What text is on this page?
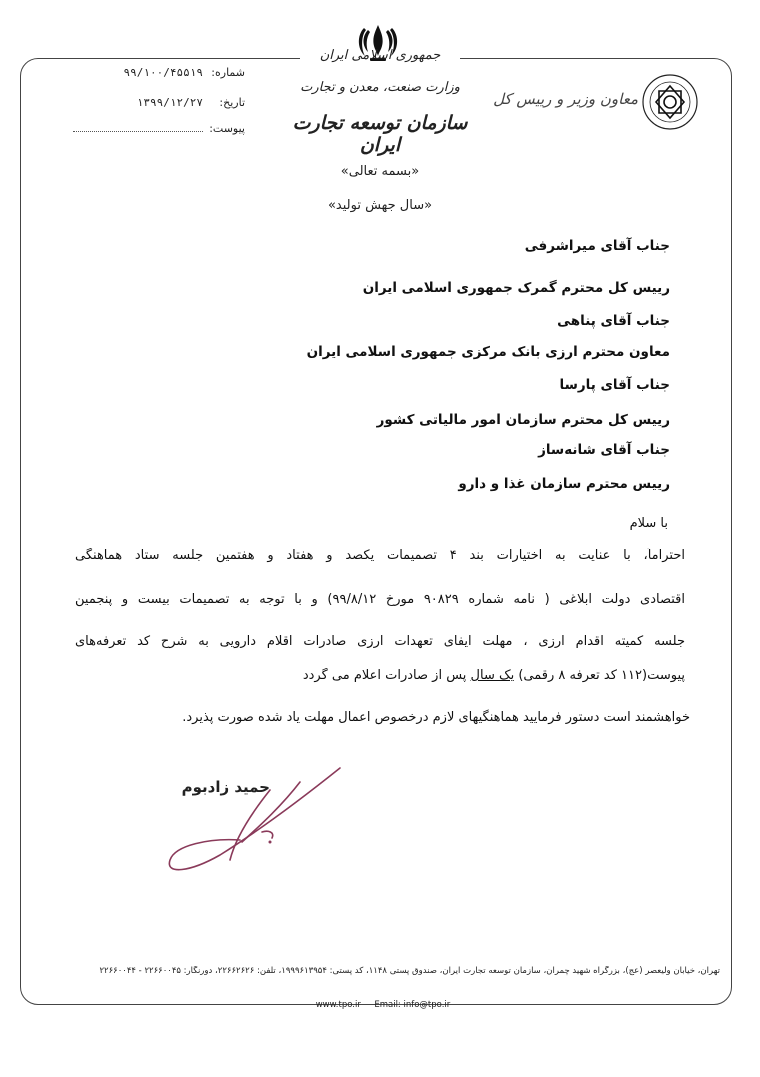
جمهوری اسلامی ایران
وزارت صنعت، معدن و تجارت
سازمان توسعه تجارت ایران
شماره:
۹۹/۱۰۰/۴۵۵۱۹
تاریخ:
۱۳۹۹/۱۲/۲۷
پیوست:
معاون وزیر و رییس کل
«بسمه تعالی»
«سال جهش تولید»
جناب آقای میراشرفی
رییس کل محترم گمرک جمهوری اسلامی ایران
جناب آقای پناهی
معاون محترم ارزی بانک مرکزی جمهوری اسلامی ایران
جناب آقای پارسا
رییس کل محترم سازمان امور مالیاتی کشور
جناب آقای شانه‌ساز
رییس محترم سازمان غذا و دارو
با سلام
احتراماً، با عنایت به اختیارات بند ۴ تصمیمات یکصد و هفتاد و هفتمین جلسه ستاد هماهنگی
اقتصادی دولت ابلاغی ( نامه شماره ۹۰۸۲۹ مورخ ۹۹/۸/۱۲) و با توجه به تصمیمات بیست و پنجمین
جلسه کمیته اقدام ارزی ، مهلت ایفای تعهدات ارزی صادرات اقلام دارویی به شرح کد تعرفه‌های
پیوست(۱۱۲ کد تعرفه ۸ رقمی) یک سال پس از صادرات اعلام می گردد
خواهشمند است دستور فرمایید هماهنگیهای لازم درخصوص اعمال مهلت یاد شده صورت پذیرد.
حمید زادبوم
تهران، خیابان ولیعصر (عج)، بزرگراه شهید چمران، سازمان توسعه تجارت ایران، صندوق پستی ۱۱۴۸، کد پستی: ۱۹۹۹۶۱۳۹۵۴، تلفن: ۲۲۶۶۲۶۲۶، دورنگار: ۲۲۶۶۰۰۴۵ - ۲۲۶۶۰۰۴۴
www.tpo.ir Email: info@tpo.ir
